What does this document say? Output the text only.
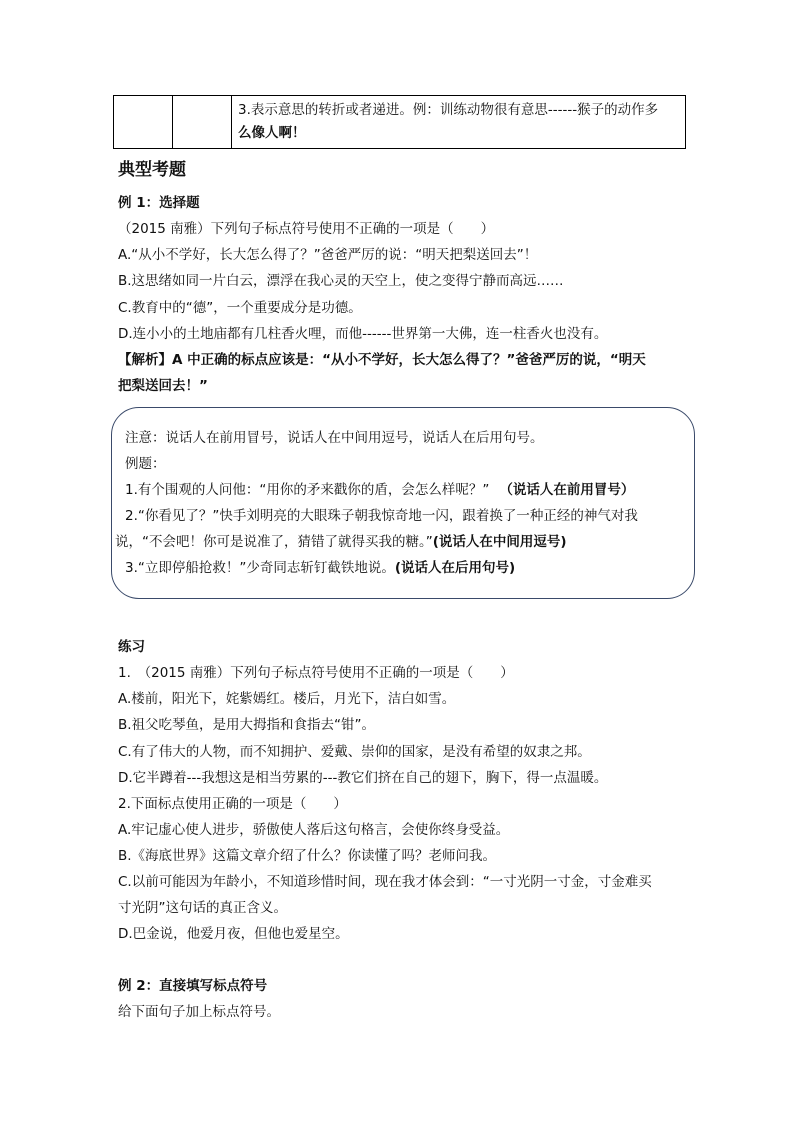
3.表示意思的转折或者递进。例：训练动物很有意思------猴子的动作多
么像人啊！
典型考题
例 1：选择题
（2015 南雅）下列句子标点符号使用不正确的一项是（　　）
A.“从小不学好，长大怎么得了？”爸爸严厉的说：“明天把梨送回去”！
B.这思绪如同一片白云，漂浮在我心灵的天空上，使之变得宁静而高远……
C.教育中的“德”，一个重要成分是功德。
D.连小小的土地庙都有几柱香火哩，而他------世界第一大佛，连一柱香火也没有。
【解析】A 中正确的标点应该是：“从小不学好，长大怎么得了？”爸爸严厉的说，“明天
把梨送回去！”
注意：说话人在前用冒号，说话人在中间用逗号，说话人在后用句号。
例题：
1.有个围观的人问他：“用你的矛来戳你的盾，会怎么样呢？” （说话人在前用冒号）
2.“你看见了？”快手刘明亮的大眼珠子朝我惊奇地一闪，跟着换了一种正经的神气对我
说，“不会吧！你可是说准了，猜错了就得买我的糖。”(说话人在中间用逗号)
3.“立即停船抢救！”少奇同志斩钉截铁地说。(说话人在后用句号)
练习
1.　（2015 南雅）下列句子标点符号使用不正确的一项是（　　）
A.楼前，阳光下，姹紫嫣红。楼后，月光下，洁白如雪。
B.祖父吃琴鱼，是用大拇指和食指去“钳”。
C.有了伟大的人物，而不知拥护、爱戴、崇仰的国家，是没有希望的奴隶之邦。
D.它半蹲着---我想这是相当劳累的---教它们挤在自己的翅下，胸下，得一点温暖。
2.下面标点使用正确的一项是（　　）
A.牢记虚心使人进步，骄傲使人落后这句格言，会使你终身受益。
B.《海底世界》这篇文章介绍了什么？你读懂了吗？老师问我。
C.以前可能因为年龄小，不知道珍惜时间，现在我才体会到：“一寸光阴一寸金，寸金难买
寸光阴”这句话的真正含义。
D.巴金说，他爱月夜，但他也爱星空。
例 2：直接填写标点符号
给下面句子加上标点符号。
